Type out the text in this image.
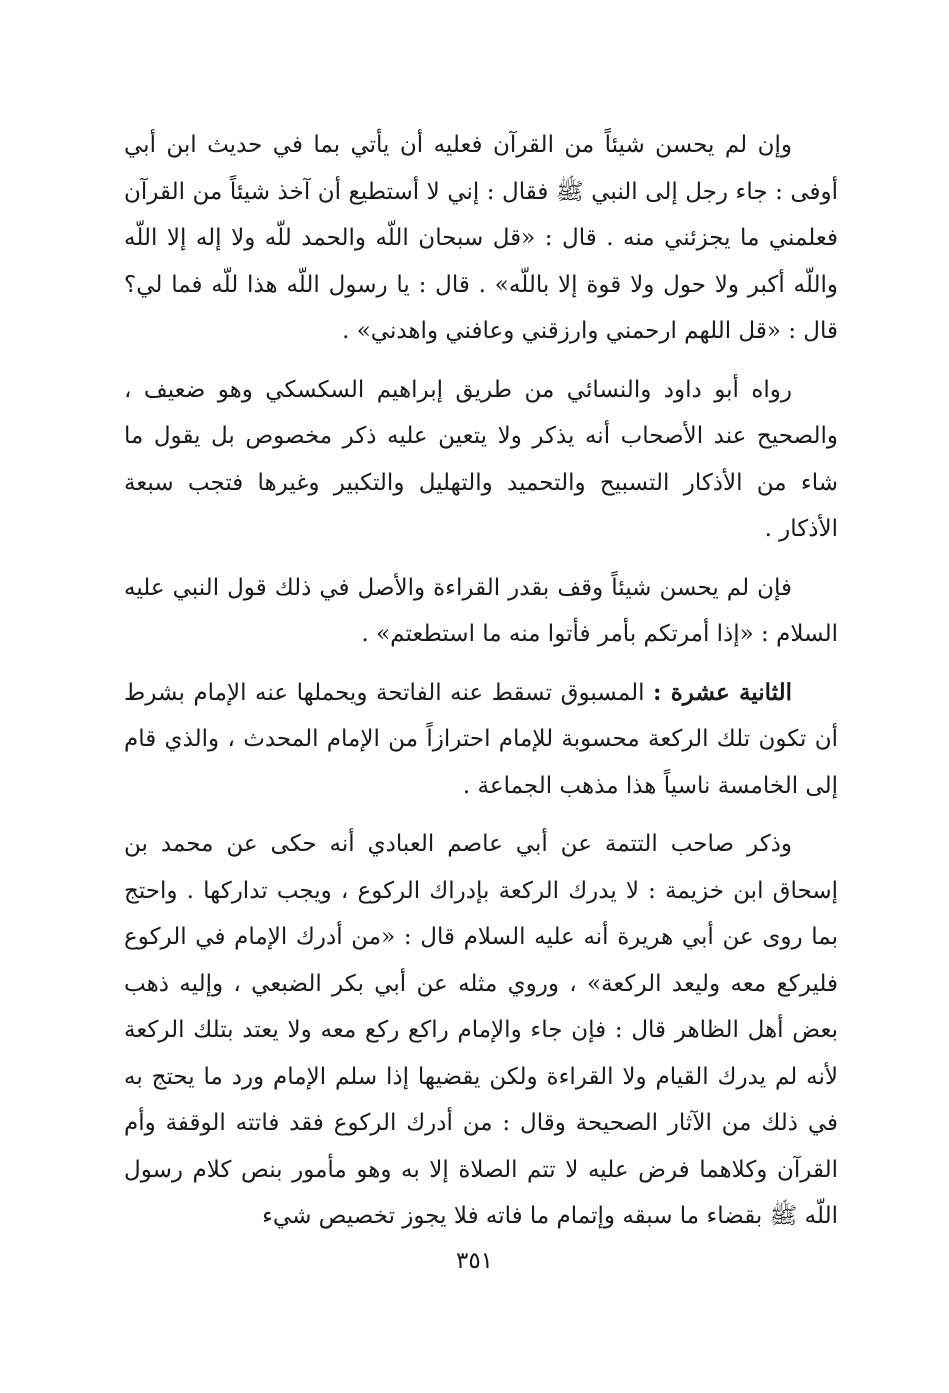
وإن لم يحسن شيئاً من القرآن فعليه أن يأتي بما في حديث ابن أبي أوفى : جاء رجل إلى النبي ﷺ فقال : إني لا أستطيع أن آخذ شيئاً من القرآن فعلمني ما يجزئني منه . قال : «قل سبحان اللّه والحمد للّه ولا إله إلا اللّه واللّه أكبر ولا حول ولا قوة إلا باللّه» . قال : يا رسول اللّه هذا للّه فما لي؟ قال : «قل اللهم ارحمني وارزقني وعافني واهدني» .

رواه أبو داود والنسائي من طريق إبراهيم السكسكي وهو ضعيف ، والصحيح عند الأصحاب أنه يذكر ولا يتعين عليه ذكر مخصوص بل يقول ما شاء من الأذكار التسبيح والتحميد والتهليل والتكبير وغيرها فتجب سبعة الأذكار .

فإن لم يحسن شيئاً وقف بقدر القراءة والأصل في ذلك قول النبي عليه السلام : «إذا أمرتكم بأمر فأتوا منه ما استطعتم» .

الثانية عشرة : المسبوق تسقط عنه الفاتحة ويحملها عنه الإمام بشرط أن تكون تلك الركعة محسوبة للإمام احترازاً من الإمام المحدث ، والذي قام إلى الخامسة ناسياً هذا مذهب الجماعة .

وذكر صاحب التتمة عن أبي عاصم العبادي أنه حكى عن محمد بن إسحاق ابن خزيمة : لا يدرك الركعة بإدراك الركوع ، ويجب تداركها . واحتج بما روى عن أبي هريرة أنه عليه السلام قال : «من أدرك الإمام في الركوع فليركع معه وليعد الركعة» ، وروي مثله عن أبي بكر الضبعي ، وإليه ذهب بعض أهل الظاهر قال : فإن جاء والإمام راكع ركع معه ولا يعتد بتلك الركعة لأنه لم يدرك القيام ولا القراءة ولكن يقضيها إذا سلم الإمام ورد ما يحتج به في ذلك من الآثار الصحيحة وقال : من أدرك الركوع فقد فاتته الوقفة وأم القرآن وكلاهما فرض عليه لا تتم الصلاة إلا به وهو مأمور بنص كلام رسول اللّه ﷺ بقضاء ما سبقه وإتمام ما فاته فلا يجوز تخصيص شيء

٣٥١
